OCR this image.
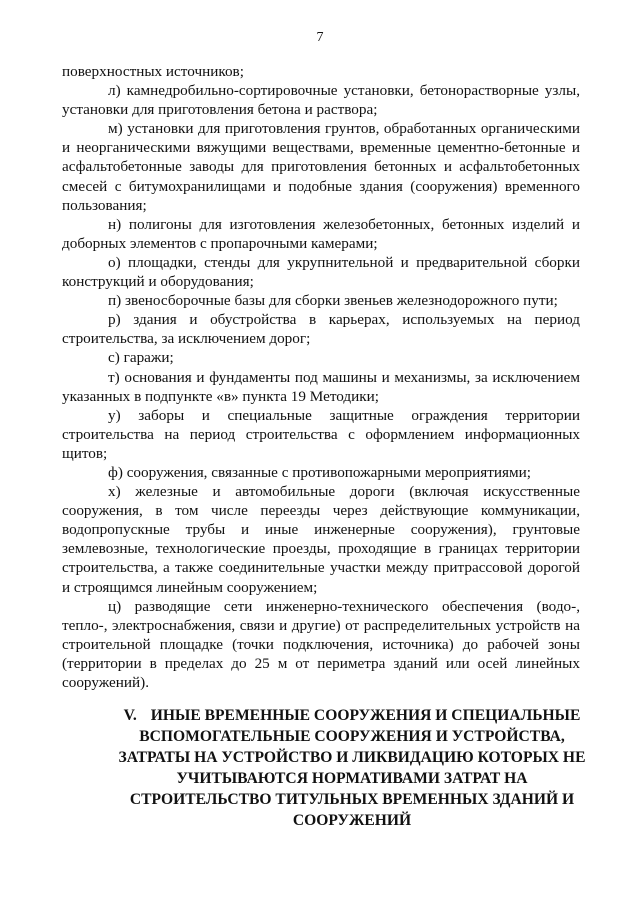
7

поверхностных источников;

л) камнедробильно-сортировочные установки, бетонорастворные узлы, установки для приготовления бетона и раствора;

м) установки для приготовления грунтов, обработанных органическими и неорганическими вяжущими веществами, временные цементно-бетонные и асфальтобетонные заводы для приготовления бетонных и асфальтобетонных смесей с битумохранилищами и подобные здания (сооружения) временного пользования;

н) полигоны для изготовления железобетонных, бетонных изделий и доборных элементов с пропарочными камерами;

о) площадки, стенды для укрупнительной и предварительной сборки конструкций и оборудования;

п) звеносборочные базы для сборки звеньев железнодорожного пути;

р) здания и обустройства в карьерах, используемых на период строительства, за исключением дорог;

с) гаражи;

т) основания и фундаменты под машины и механизмы, за исключением указанных в подпункте «в» пункта 19 Методики;

у) заборы и специальные защитные ограждения территории строительства на период строительства с оформлением информационных щитов;

ф) сооружения, связанные с противопожарными мероприятиями;

х) железные и автомобильные дороги (включая искусственные сооружения, в том числе переезды через действующие коммуникации, водопропускные трубы и иные инженерные сооружения), грунтовые землевозные, технологические проезды, проходящие в границах территории строительства, а также соединительные участки между притрассовой дорогой и строящимся линейным сооружением;

ц) разводящие сети инженерно-технического обеспечения (водо-, тепло-, электроснабжения, связи и другие) от распределительных устройств на строительной площадке (точки подключения, источника) до рабочей зоны (территории в пределах до 25 м от периметра зданий или осей линейных сооружений).

V. ИНЫЕ ВРЕМЕННЫЕ СООРУЖЕНИЯ И СПЕЦИАЛЬНЫЕ ВСПОМОГАТЕЛЬНЫЕ СООРУЖЕНИЯ И УСТРОЙСТВА, ЗАТРАТЫ НА УСТРОЙСТВО И ЛИКВИДАЦИЮ КОТОРЫХ НЕ УЧИТЫВАЮТСЯ НОРМАТИВАМИ ЗАТРАТ НА СТРОИТЕЛЬСТВО ТИТУЛЬНЫХ ВРЕМЕННЫХ ЗДАНИЙ И СООРУЖЕНИЙ
